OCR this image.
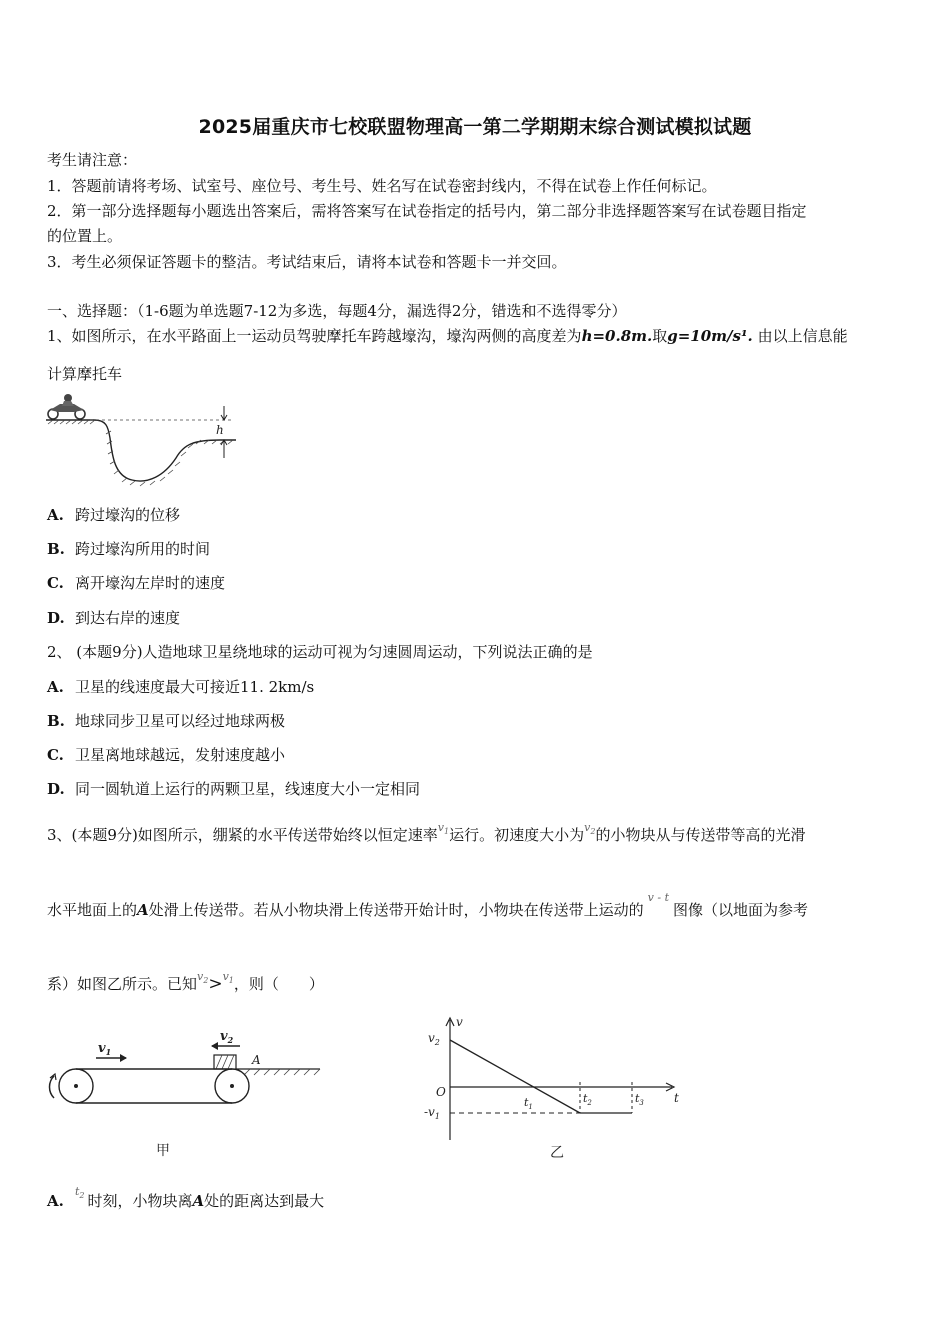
2025届重庆市七校联盟物理高一第二学期期末综合测试模拟试题
考生请注意：
1．答题前请将考场、试室号、座位号、考生号、姓名写在试卷密封线内，不得在试卷上作任何标记。
2．第一部分选择题每小题选出答案后，需将答案写在试卷指定的括号内，第二部分非选择题答案写在试卷题目指定
的位置上。
3．考生必须保证答题卡的整洁。考试结束后，请将本试卷和答题卡一并交回。
一、选择题：（1-6题为单选题7-12为多选，每题4分，漏选得2分，错选和不选得零分）
1、如图所示，在水平路面上一运动员驾驶摩托车跨越壕沟，壕沟两侧的高度差为h=0.8m.取g=10m/s¹. 由以上信息能
计算摩托车
h
A. 跨过壕沟的位移
B. 跨过壕沟所用的时间
C. 离开壕沟左岸时的速度
D. 到达右岸的速度
2、 (本题9分)人造地球卫星绕地球的运动可视为匀速圆周运动，下列说法正确的是
A. 卫星的线速度最大可接近11. 2km/s
B. 地球同步卫星可以经过地球两极
C. 卫星离地球越远，发射速度越小
D. 同一圆轨道上运行的两颗卫星，线速度大小一定相同
3、(本题9分)如图所示，绷紧的水平传送带始终以恒定速率$^{v_1}$运行。初速度大小为$^{v_2}$的小物块从与传送带等高的光滑
水平地面上的A处滑上传送带。若从小物块滑上传送带开始计时，小物块在传送带上运动的$^{v - t}$图像（以地面为参考
系）如图乙所示。已知$^{v_2}$>$^{v_1}$，则（　　）
$v_1$
$v_2$
A
甲
v
t
O
$v_2$
$-v_1$
$t_1$
$t_2$	$t_3$
乙
A.$^{t_2}$ 时刻，小物块离A处的距离达到最大
